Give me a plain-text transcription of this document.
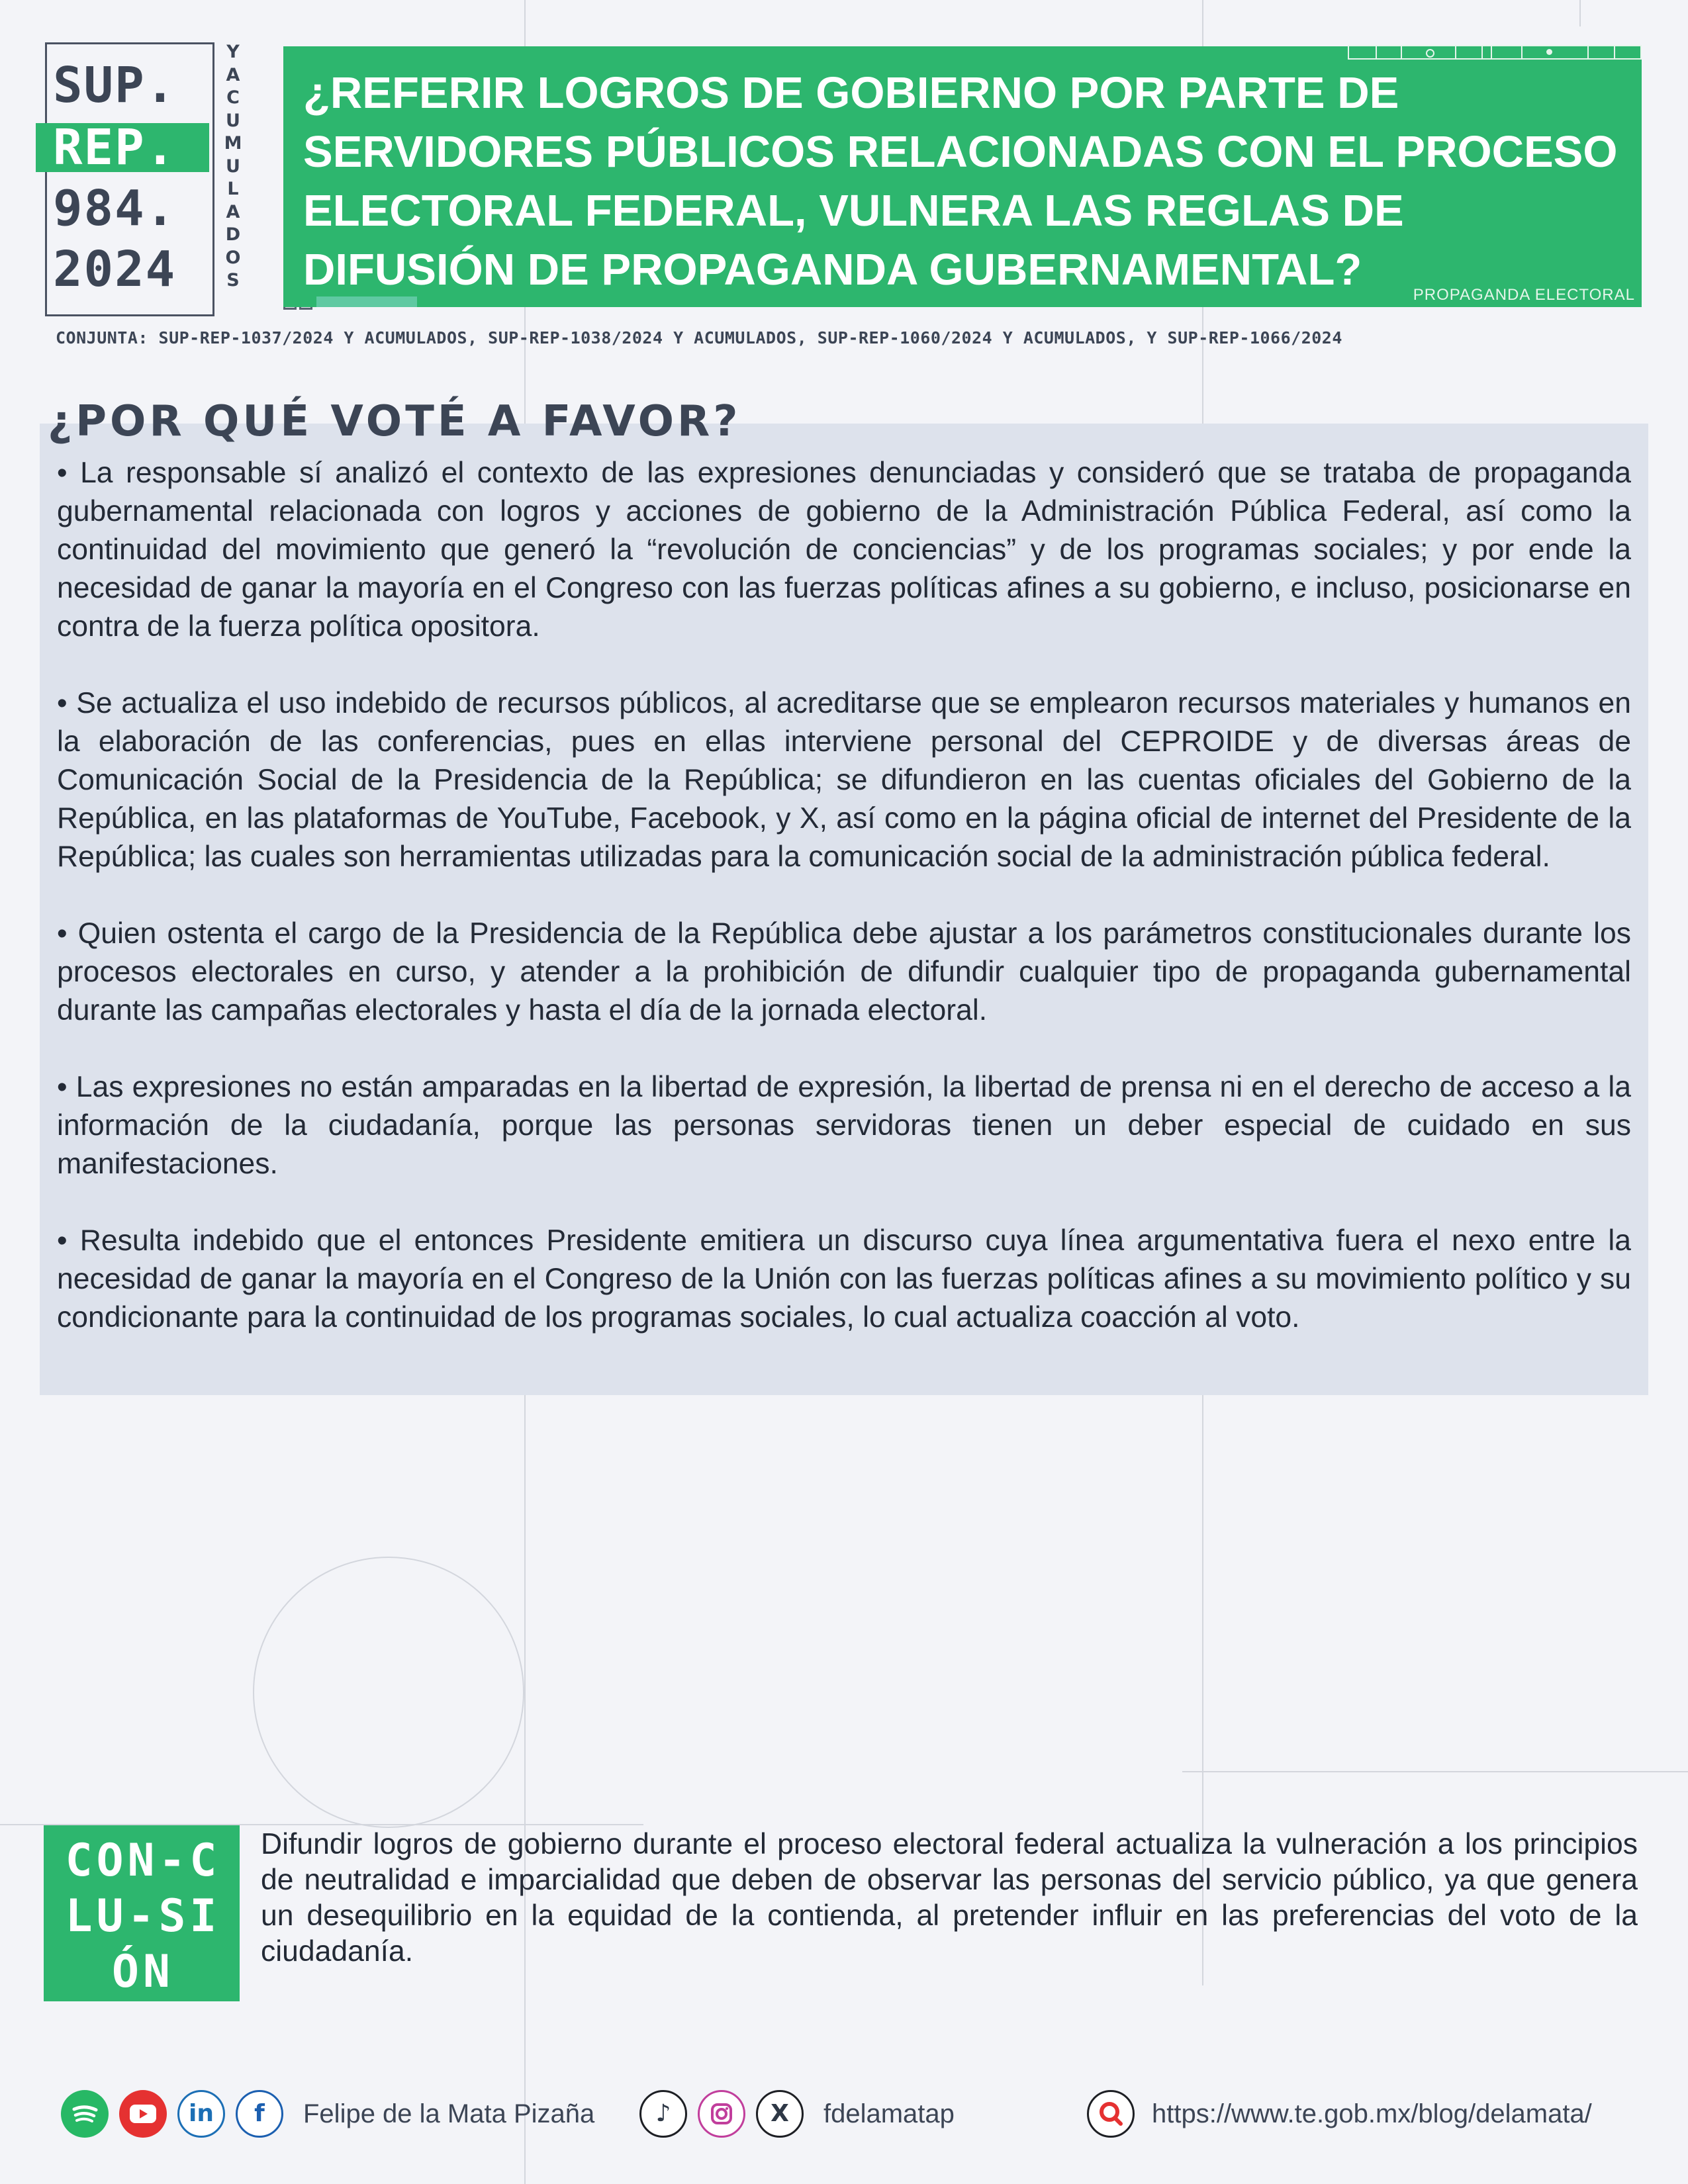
SUP.
REP.
984.
2024
YACUMULADOS
¿REFERIR LOGROS DE GOBIERNO POR PARTE DE SERVIDORES PÚBLICOS RELACIONADAS CON EL PROCESO ELECTORAL FEDERAL, VULNERA LAS REGLAS DE DIFUSIÓN DE PROPAGANDA GUBERNAMENTAL?
PROPAGANDA ELECTORAL
CONJUNTA: SUP-REP-1037/2024 Y ACUMULADOS, SUP-REP-1038/2024 Y ACUMULADOS, SUP-REP-1060/2024 Y ACUMULADOS, Y SUP-REP-1066/2024
¿POR QUÉ VOTÉ A FAVOR?

• La responsable sí analizó el contexto de las expresiones denunciadas y consideró que se trataba de propaganda gubernamental relacionada con logros y acciones de gobierno de la Administración Pública Federal, así como la continuidad del movimiento que generó la “revolución de conciencias” y de los programas sociales; y por ende la necesidad de ganar la mayoría en el Congreso con las fuerzas políticas afines a su gobierno, e incluso, posicionarse en contra de la fuerza política opositora.

• Se actualiza el uso indebido de recursos públicos, al acreditarse que se emplearon recursos materiales y humanos en la elaboración de las conferencias, pues en ellas interviene personal del CEPROIDE y de diversas áreas de Comunicación Social de la Presidencia de la República; se difundieron en las cuentas oficiales del Gobierno de la República, en las plataformas de YouTube, Facebook, y X, así como en la página oficial de internet del Presidente de la República; las cuales son herramientas utilizadas para la comunicación social de la administración pública federal.

• Quien ostenta el cargo de la Presidencia de la República debe ajustar a los parámetros constitucionales durante los procesos electorales en curso, y atender a la prohibición de difundir cualquier tipo de propaganda gubernamental durante las campañas electorales y hasta el día de la jornada electoral.

• Las expresiones no están amparadas en la libertad de expresión, la libertad de prensa ni en el derecho de acceso a la información de la ciudadanía, porque las personas servidoras tienen un deber especial de cuidado en sus manifestaciones.

• Resulta indebido que el entonces Presidente emitiera un discurso cuya línea argumentativa fuera el nexo entre la necesidad de ganar la mayoría en el Congreso de la Unión con las fuerzas políticas afines a su movimiento político y su condicionante para la continuidad de los programas sociales, lo cual actualiza coacción al voto.

CON-CLU-SIÓN

Difundir logros de gobierno durante el proceso electoral federal actualiza la vulneración a los principios de neutralidad e imparcialidad que deben de observar las personas del servicio público, ya que genera un desequilibrio en la equidad de la contienda, al pretender influir en las preferencias del voto de la ciudadanía.

in	f	Felipe de la Mata Pizaña	♪	X	fdelamatap	https://www.te.gob.mx/blog/delamata/
